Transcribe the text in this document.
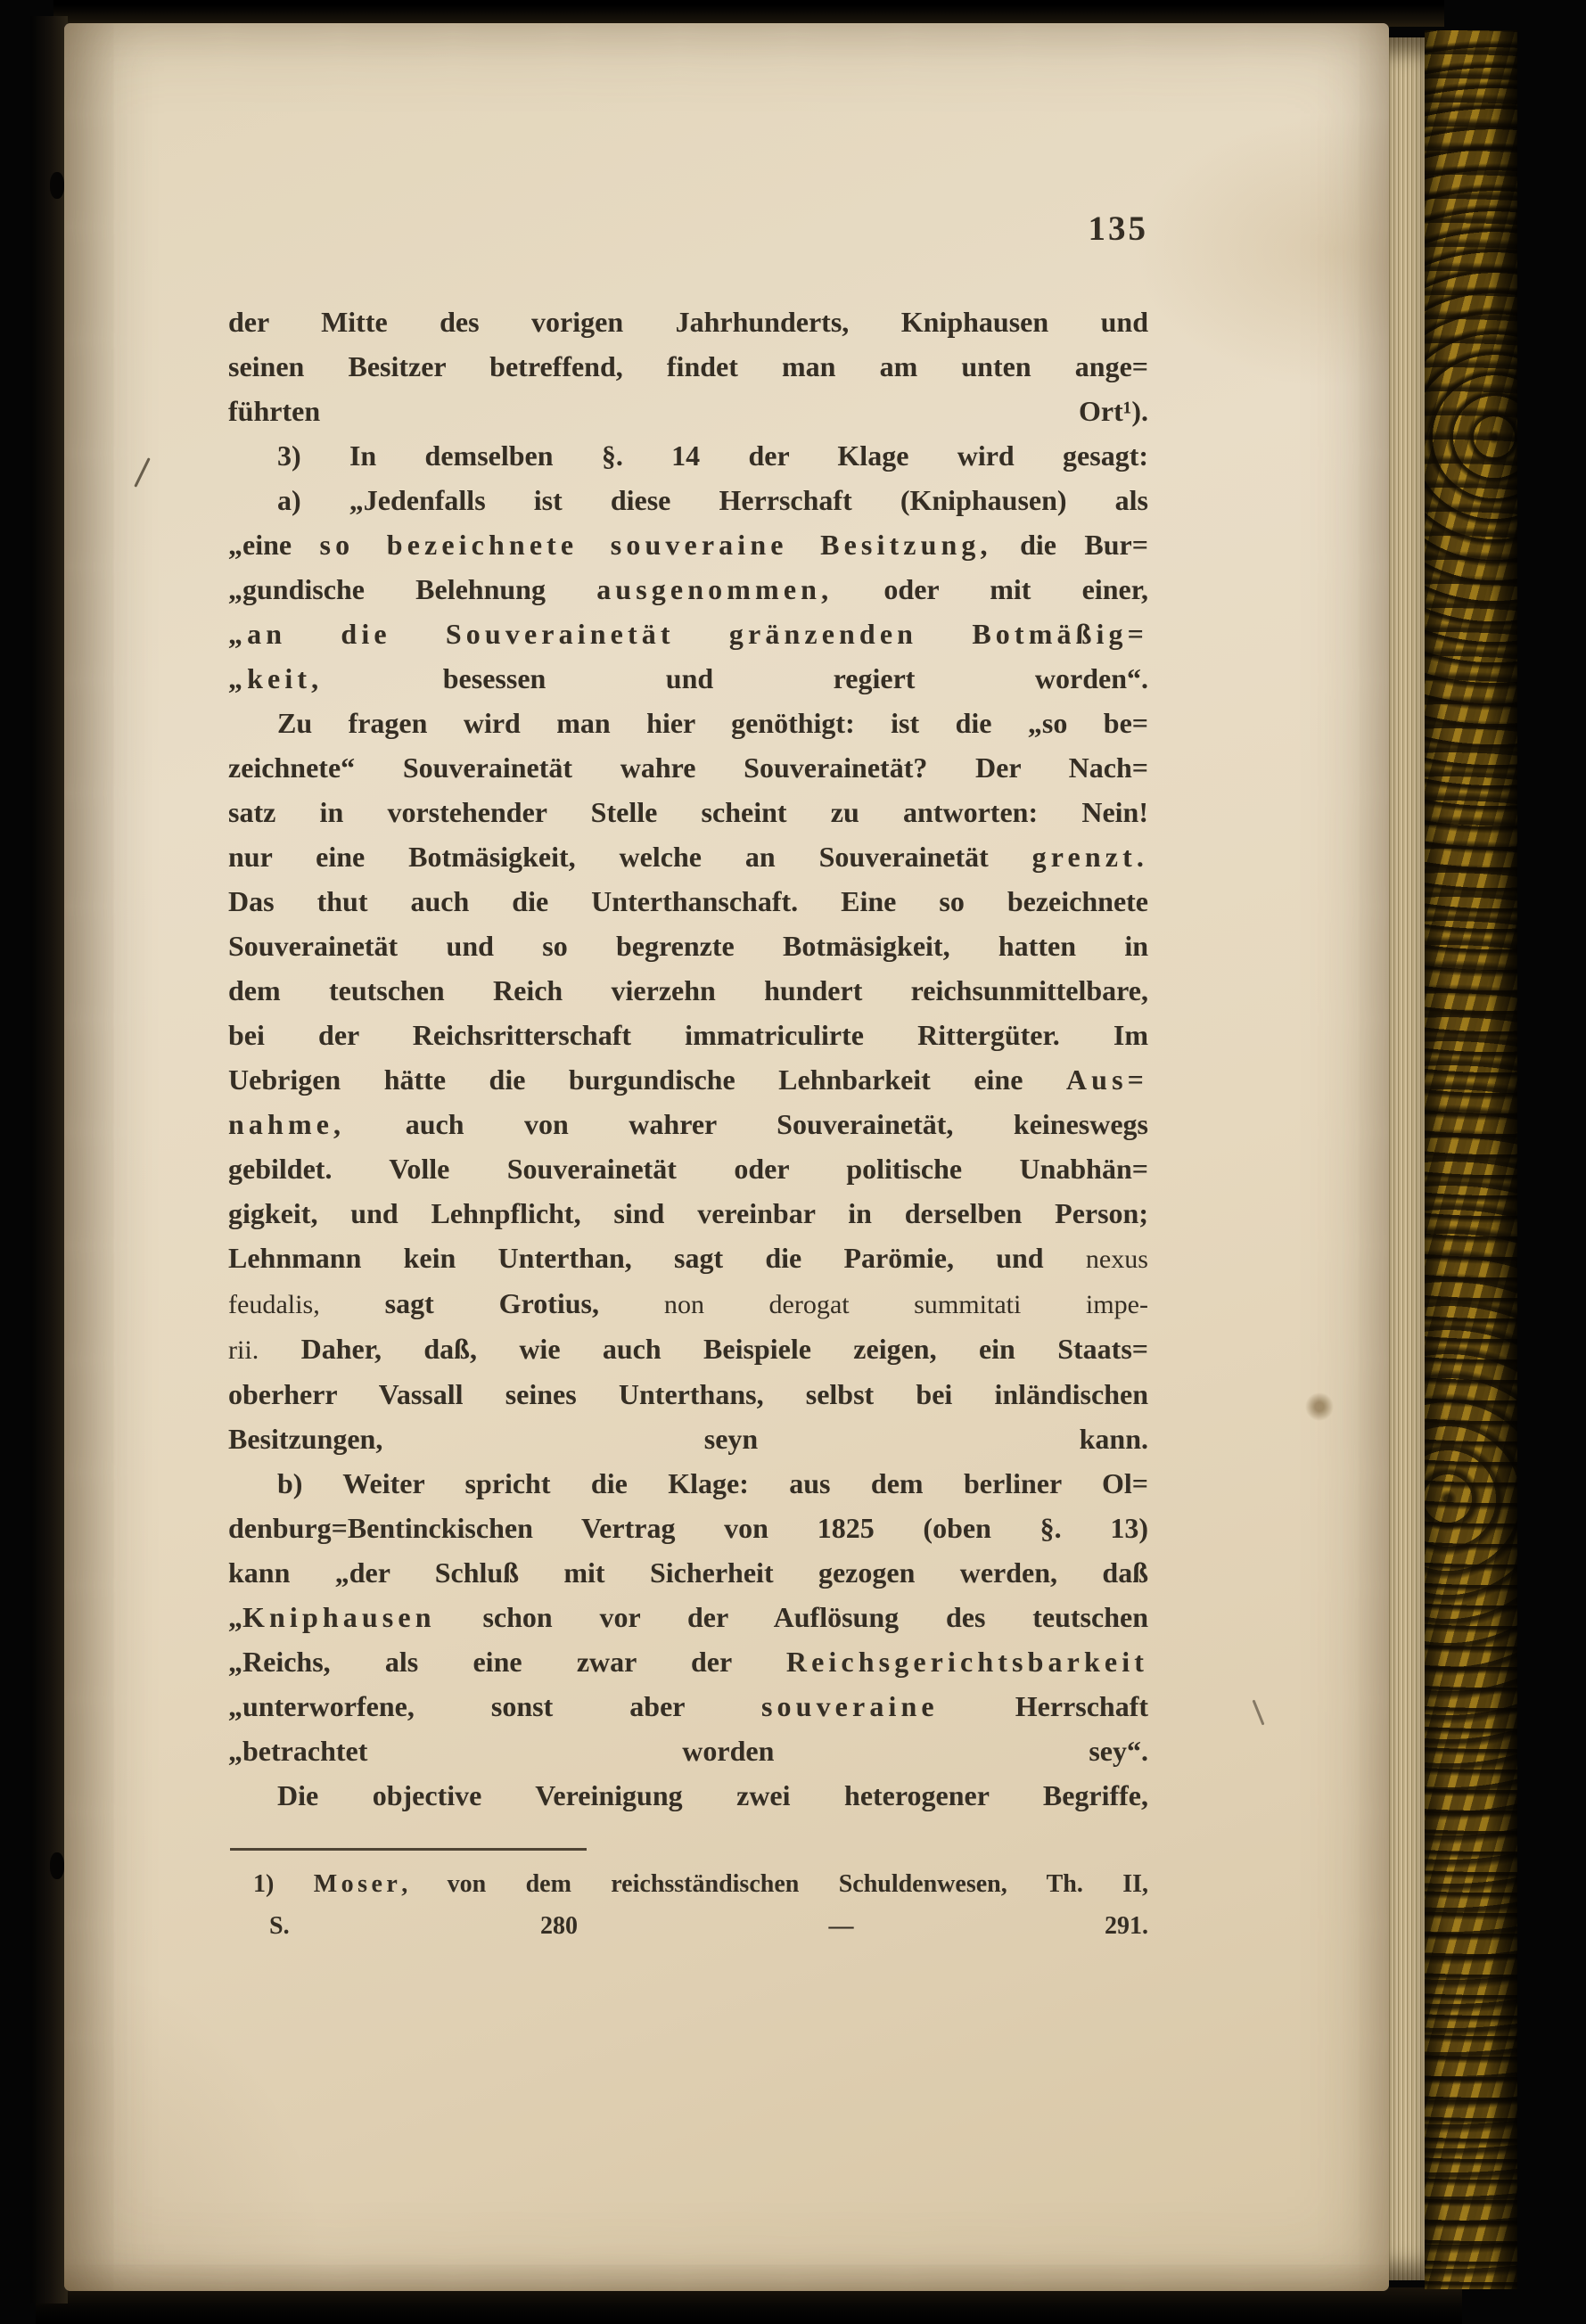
135
der Mitte des vorigen Jahrhunderts, Kniphausen und
seinen Besitzer betreffend, findet man am unten ange=
führten Ort¹).
3) In demselben §. 14 der Klage wird gesagt:
a) „Jedenfalls ist diese Herrschaft (Kniphausen) als
„eine so bezeichnete souveraine Besitzung, die Bur=
„gundische Belehnung ausgenommen, oder mit einer,
„an die Souverainetät gränzenden Botmäßig=
„keit, besessen und regiert worden“.
Zu fragen wird man hier genöthigt: ist die „so be=
zeichnete“ Souverainetät wahre Souverainetät? Der Nach=
satz in vorstehender Stelle scheint zu antworten: Nein!
nur eine Botmäsigkeit, welche an Souverainetät grenzt.
Das thut auch die Unterthanschaft. Eine so bezeichnete
Souverainetät und so begrenzte Botmäsigkeit, hatten in
dem teutschen Reich vierzehn hundert reichsunmittelbare,
bei der Reichsritterschaft immatriculirte Rittergüter. Im
Uebrigen hätte die burgundische Lehnbarkeit eine Aus=
nahme, auch von wahrer Souverainetät, keineswegs
gebildet. Volle Souverainetät oder politische Unabhän=
gigkeit, und Lehnpflicht, sind vereinbar in derselben Person;
Lehnmann kein Unterthan, sagt die Parömie, und nexus
feudalis, sagt Grotius, non derogat summitati impe-
rii. Daher, daß, wie auch Beispiele zeigen, ein Staats=
oberherr Vassall seines Unterthans, selbst bei inländischen
Besitzungen, seyn kann.
b) Weiter spricht die Klage: aus dem berliner Ol=
denburg=Bentinckischen Vertrag von 1825 (oben §. 13)
kann „der Schluß mit Sicherheit gezogen werden, daß
„Kniphausen schon vor der Auflösung des teutschen
„Reichs, als eine zwar der Reichsgerichtsbarkeit
„unterworfene, sonst aber souveraine Herrschaft
„betrachtet worden sey“.
Die objective Vereinigung zwei heterogener Begriffe,
1) Moser, von dem reichsständischen Schuldenwesen, Th. II,
S. 280 — 291.
